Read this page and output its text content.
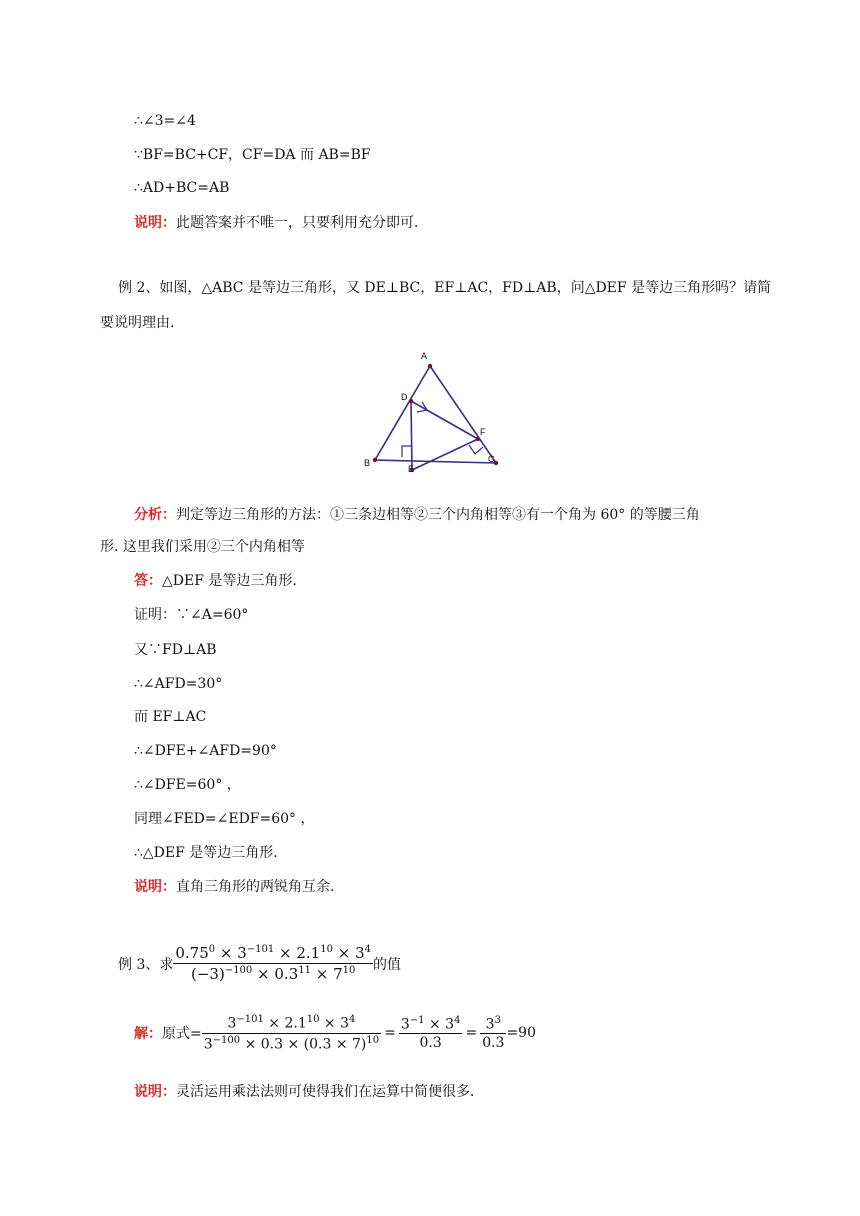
∴∠3=∠4
∵BF=BC+CF，CF=DA 而 AB=BF
∴AD+BC=AB
说明：此题答案并不唯一，只要利用充分即可.
例 2、如图，△ABC 是等边三角形，又 DE⊥BC，EF⊥AC，FD⊥AB，问△DEF 是等边三角形吗？请简
要说明理由.
A
B	C
D
E
F
分析：判定等边三角形的方法：①三条边相等②三个内角相等③有一个角为 60° 的等腰三角
形. 这里我们采用②三个内角相等
答：△DEF 是等边三角形.
证明：∵∠A=60°
又∵FD⊥AB
∴∠AFD=30°
而 EF⊥AC
∴∠DFE+∠AFD=90°
∴∠DFE=60° ，
同理∠FED=∠EDF=60° ，
∴△DEF 是等边三角形.
说明：直角三角形的两锐角互余.
例 3、求 $\frac{0.75^0 \times 3^{-101} \times 2.1^{10} \times 3^4}{(-3)^{-100} \times 0.3^{11} \times 7^{10}}$ 的值
解： 原式= $\frac{3^{-101} \times 2.1^{10} \times 3^4}{3^{-100} \times 0.3 \times (0.3 \times 7)^{10}} = \frac{3^{-1} \times 3^4}{0.3} = \frac{3^3}{0.3} =90$
说明：灵活运用乘法法则可使得我们在运算中简便很多.
